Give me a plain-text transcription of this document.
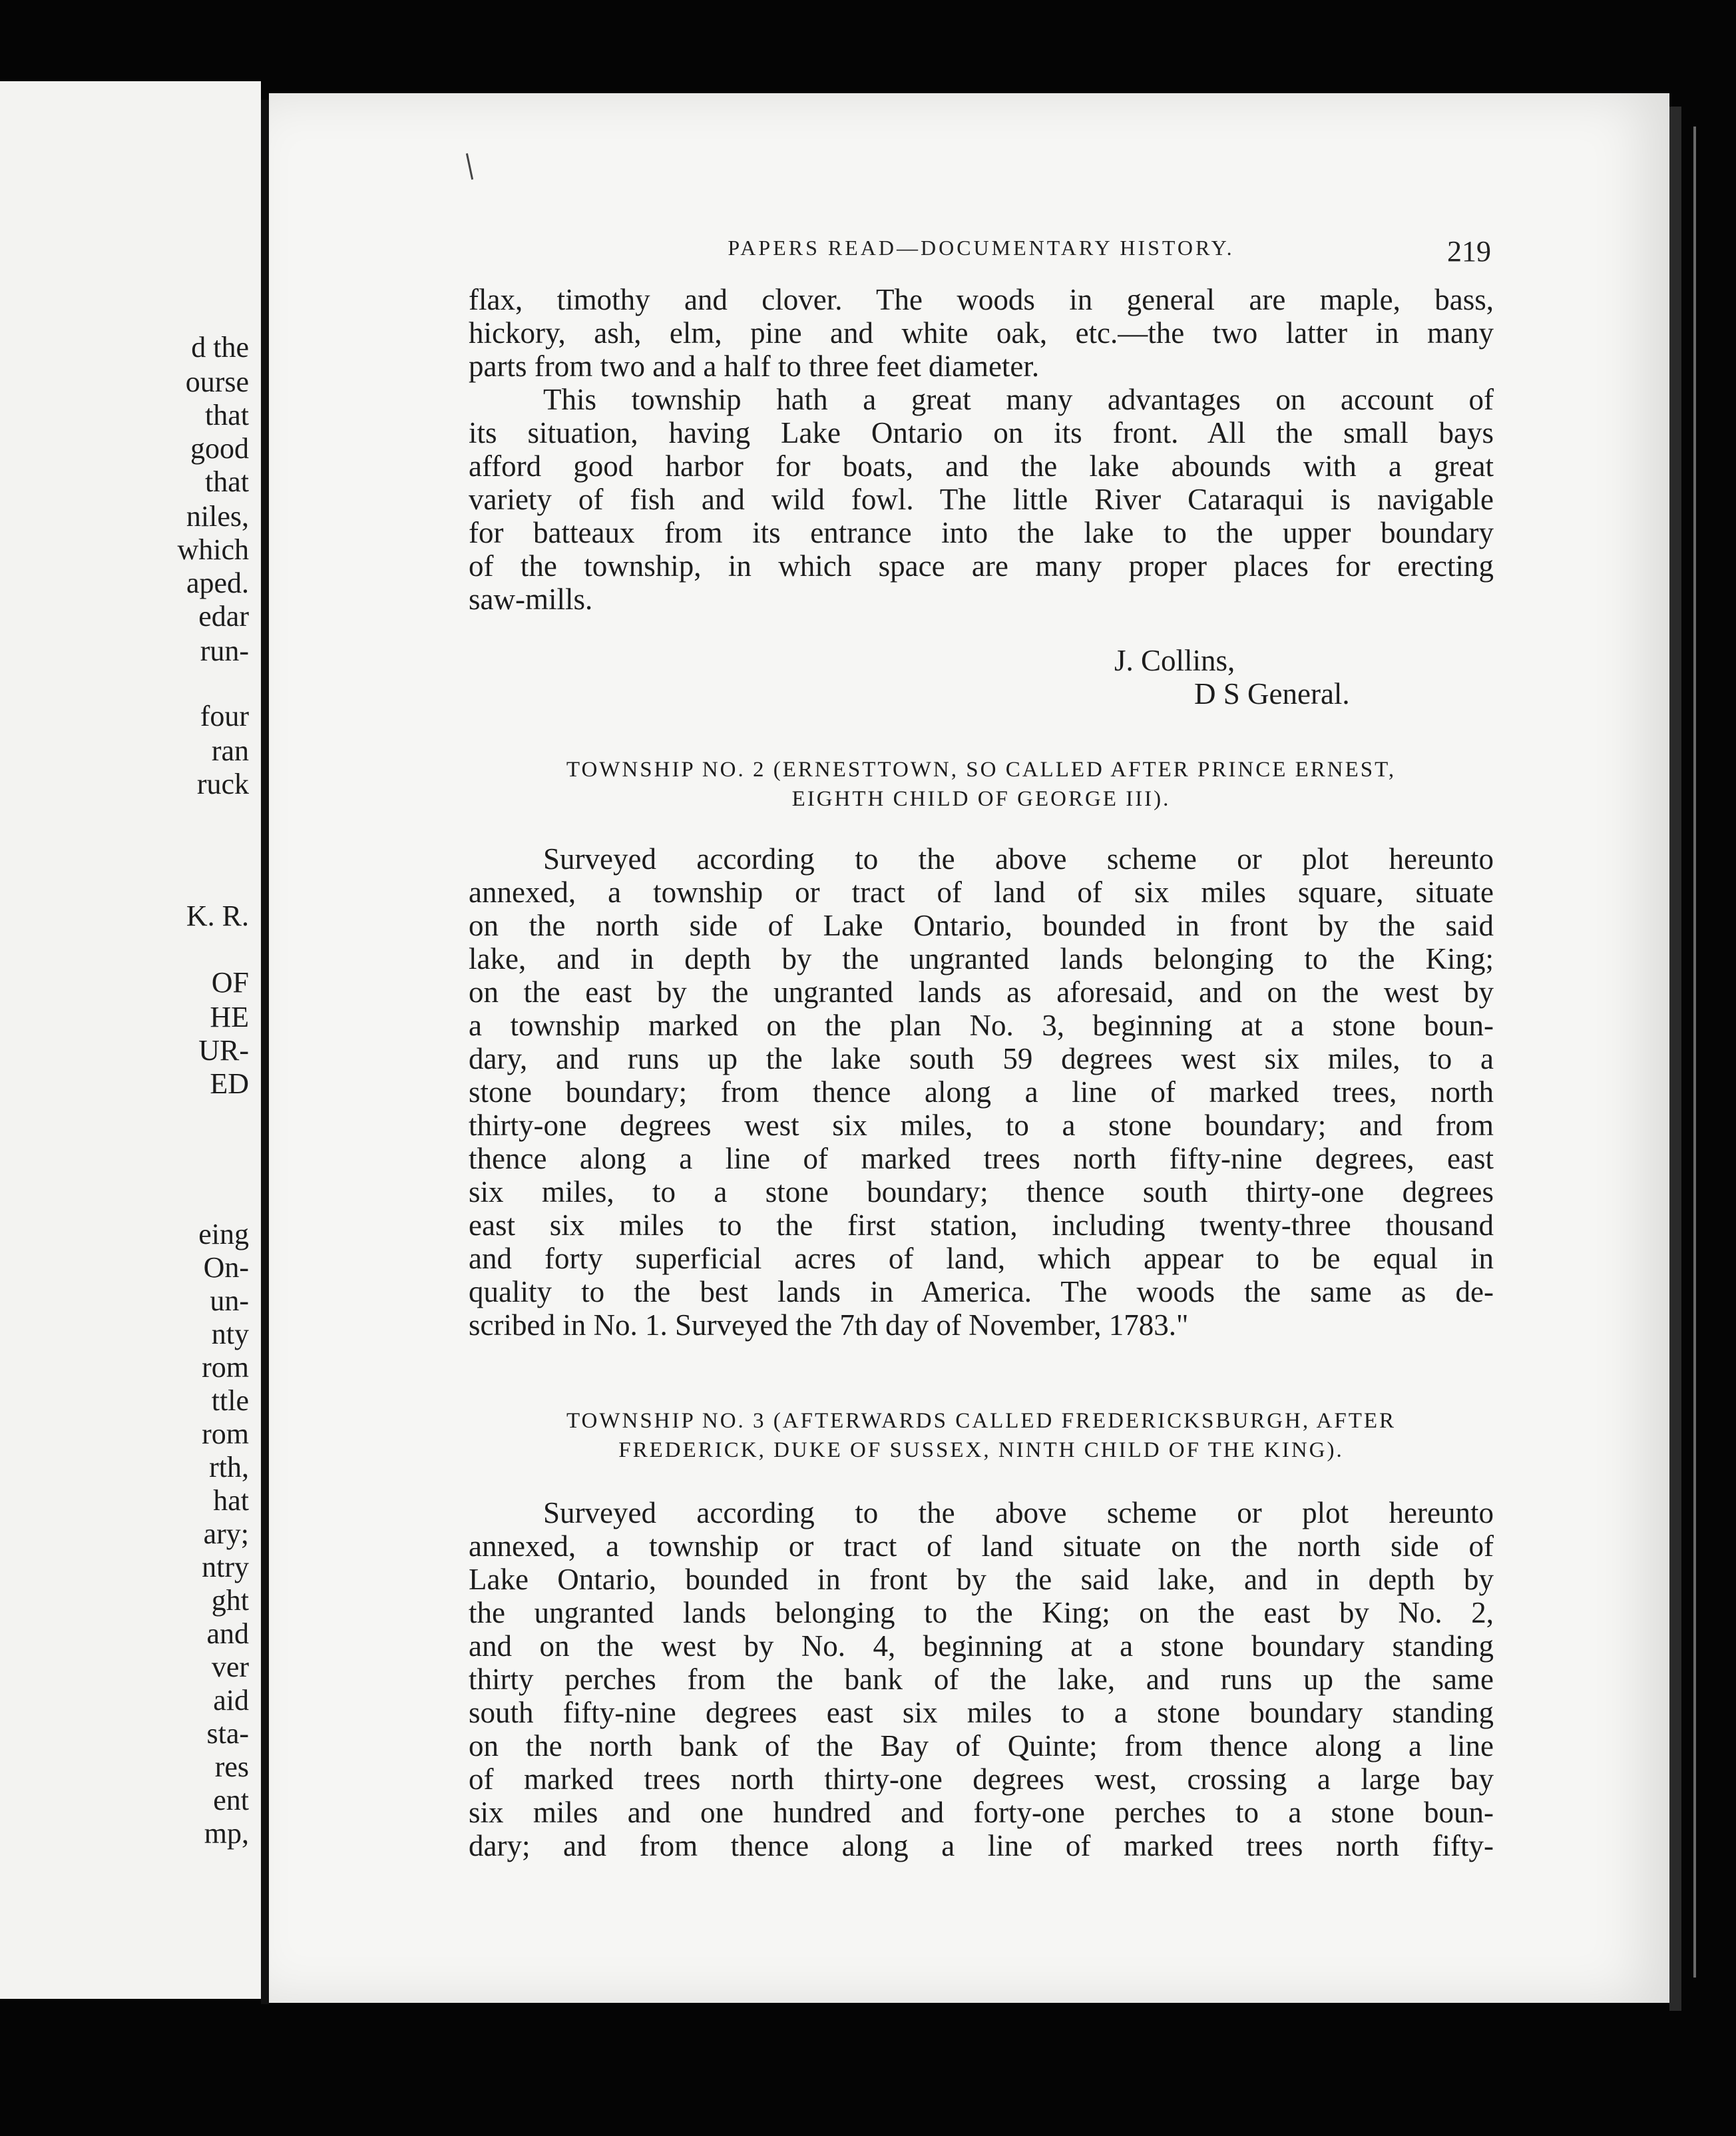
d the
ourse
that
good
that
niles,
which
aped.
edar
run-
four
ran
ruck
K. R.
OF
HE
UR-
ED
eing
On-
un-
nty
rom
ttle
rom
rth,
hat
ary;
ntry
ght
and
ver
aid
sta-
res
ent
mp,
PAPERS READ—DOCUMENTARY HISTORY.	219
flax, timothy and clover. The woods in general are maple, bass,
hickory, ash, elm, pine and white oak, etc.—the two latter in many
parts from two and a half to three feet diameter.
This township hath a great many advantages on account of
its situation, having Lake Ontario on its front. All the small bays
afford good harbor for boats, and the lake abounds with a great
variety of fish and wild fowl. The little River Cataraqui is navigable
for batteaux from its entrance into the lake to the upper boundary
of the township, in which space are many proper places for erecting
saw-mills.
J. Collins,
D S General.
TOWNSHIP NO. 2 (ERNESTTOWN, SO CALLED AFTER PRINCE ERNEST,
EIGHTH CHILD OF GEORGE III).
Surveyed according to the above scheme or plot hereunto
annexed, a township or tract of land of six miles square, situate
on the north side of Lake Ontario, bounded in front by the said
lake, and in depth by the ungranted lands belonging to the King;
on the east by the ungranted lands as aforesaid, and on the west by
a township marked on the plan No. 3, beginning at a stone boun-
dary, and runs up the lake south 59 degrees west six miles, to a
stone boundary; from thence along a line of marked trees, north
thirty-one degrees west six miles, to a stone boundary; and from
thence along a line of marked trees north fifty-nine degrees, east
six miles, to a stone boundary; thence south thirty-one degrees
east six miles to the first station, including twenty-three thousand
and forty superficial acres of land, which appear to be equal in
quality to the best lands in America. The woods the same as de-
scribed in No. 1. Surveyed the 7th day of November, 1783."
TOWNSHIP NO. 3 (AFTERWARDS CALLED FREDERICKSBURGH, AFTER
FREDERICK, DUKE OF SUSSEX, NINTH CHILD OF THE KING).
Surveyed according to the above scheme or plot hereunto
annexed, a township or tract of land situate on the north side of
Lake Ontario, bounded in front by the said lake, and in depth by
the ungranted lands belonging to the King; on the east by No. 2,
and on the west by No. 4, beginning at a stone boundary standing
thirty perches from the bank of the lake, and runs up the same
south fifty-nine degrees east six miles to a stone boundary standing
on the north bank of the Bay of Quinte; from thence along a line
of marked trees north thirty-one degrees west, crossing a large bay
six miles and one hundred and forty-one perches to a stone boun-
dary; and from thence along a line of marked trees north fifty-
